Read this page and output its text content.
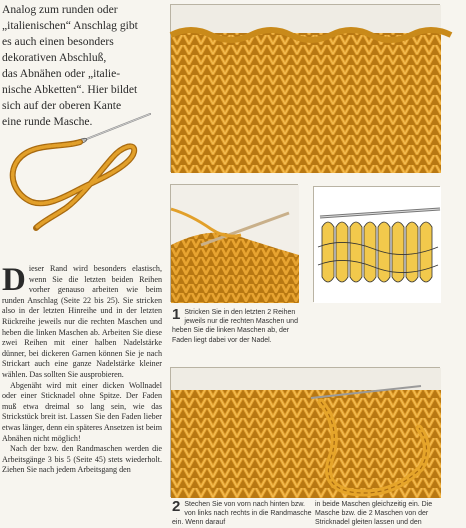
Analog zum runden oder

„italienischen“ Anschlag gibt

es auch einen besonders

dekorativen Abschluß,

das Abnähen oder „italie-

nische Abketten“. Hier bildet

sich auf der oberen Kante

eine runde Masche.

Dieser Rand wird besonders elastisch, wenn Sie die letzten beiden Reihen vorher genauso arbeiten wie beim runden Anschlag (Seite 22 bis 25). Sie stricken also in der letzten Hinreihe und in der letzten Rückreihe jeweils nur die rechten Maschen und heben die linken Maschen ab. Arbeiten Sie diese zwei Reihen mit einer halben Nadelstärke dünner, bei dickeren Garnen können Sie je nach Strickart auch eine ganze Nadelstärke kleiner wählen. Das sollten Sie ausprobieren.

Abgenäht wird mit einer dicken Wollnadel oder einer Sticknadel ohne Spitze. Der Faden muß etwa dreimal so lang sein, wie das Strickstück breit ist. Lassen Sie den Faden lieber etwas länger, denn ein späteres Ansetzen ist beim Abnähen nicht möglich!

Nach der bzw. den Randmaschen werden die Arbeitsgänge 3 bis 5 (Seite 45) stets wiederholt. Ziehen Sie nach jedem Arbeitsgang den

1 Stricken Sie in den letzten 2 Reihen jeweils nur die rechten Maschen und heben Sie die linken Maschen ab, der Faden liegt dabei vor der Nadel.
2 Stechen Sie von vorn nach hinten bzw. von links nach rechts in die Randmasche ein. Wenn darauf
in beide Maschen gleichzeitig ein. Die Masche bzw. die 2 Maschen von der Stricknadel gleiten lassen und den
